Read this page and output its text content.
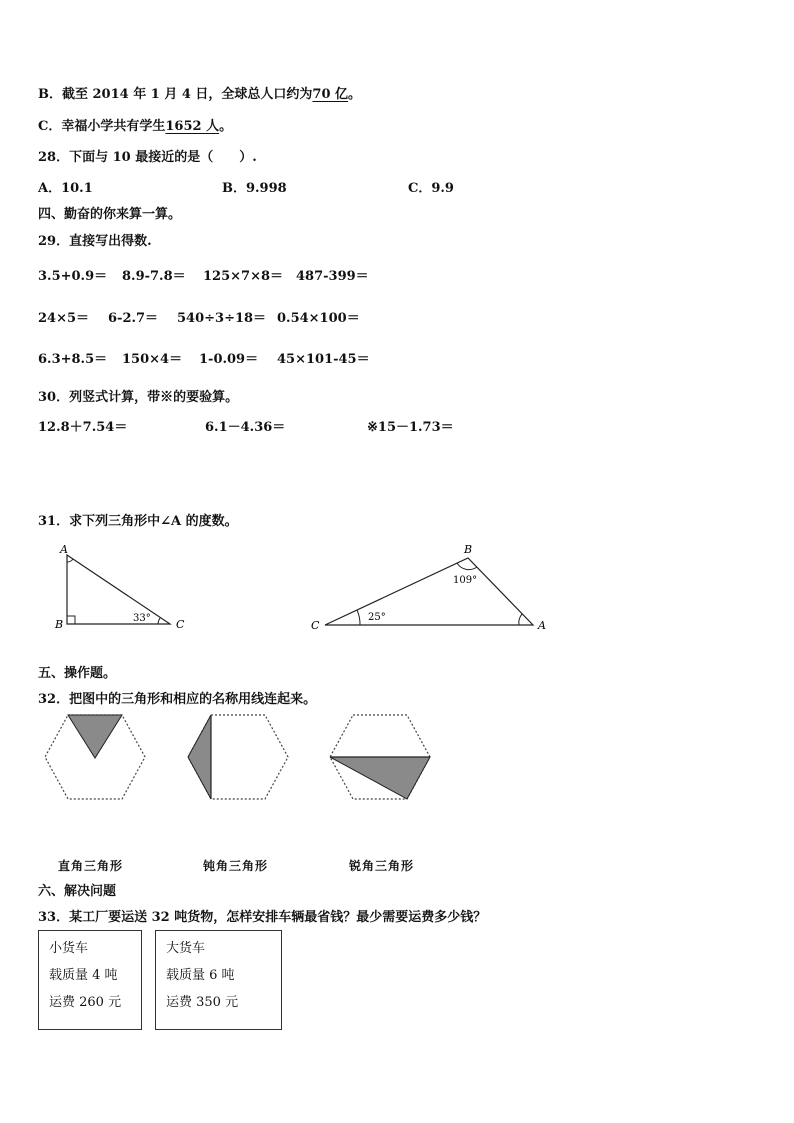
B．截至 2014 年 1 月 4 日，全球总人口约为70 亿。
C．幸福小学共有学生1652 人。
28．下面与 10 最接近的是（　　）.
A．10.1	B．9.998	C．9.9
四、勤奋的你来算一算。
29．直接写出得数.
3.5+0.9＝ 8.9-7.8＝ 125×7×8＝ 487-399＝
24×5＝ 6-2.7＝ 540÷3÷18＝ 0.54×100＝
6.3+8.5＝ 150×4＝ 1-0.09＝ 45×101-45＝
30．列竖式计算，带※的要验算。
12.8＋7.54＝	6.1－4.36＝	※15－1.73＝
31．求下列三角形中∠A 的度数。
A
B	C
33°
B
C	A
109°
25°
五、操作题。
32．把图中的三角形和相应的名称用线连起来。
直角三角形	钝角三角形	锐角三角形
六、解决问题
33．某工厂要运送 32 吨货物，怎样安排车辆最省钱？最少需要运费多少钱？
小货车
载质量 4 吨
运费 260 元
大货车
载质量 6 吨
运费 350 元
